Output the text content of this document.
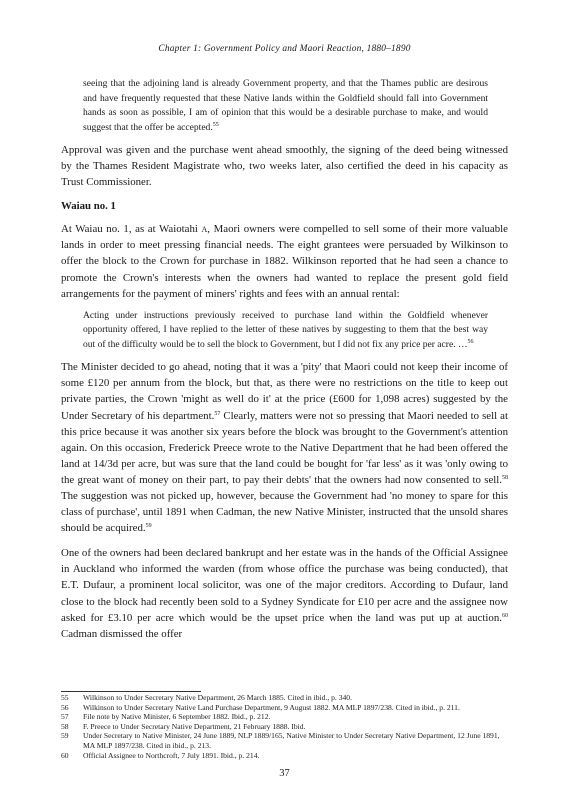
Chapter 1: Government Policy and Maori Reaction, 1880–1890

seeing that the adjoining land is already Government property, and that the Thames public are desirous and have frequently requested that these Native lands within the Goldfield should fall into Government hands as soon as possible, I am of opinion that this would be a desirable purchase to make, and would suggest that the offer be accepted.$^{55}$

Approval was given and the purchase went ahead smoothly, the signing of the deed being witnessed by the Thames Resident Magistrate who, two weeks later, also certified the deed in his capacity as Trust Commissioner.

Waiau no. 1

At Waiau no. 1, as at Waiotahi a, Maori owners were compelled to sell some of their more valuable lands in order to meet pressing financial needs. The eight grantees were persuaded by Wilkinson to offer the block to the Crown for purchase in 1882. Wilkinson reported that he had seen a chance to promote the Crown's interests when the owners had wanted to replace the present gold field arrangements for the payment of miners' rights and fees with an annual rental:

Acting under instructions previously received to purchase land within the Goldfield whenever opportunity offered, I have replied to the letter of these natives by suggesting to them that the best way out of the difficulty would be to sell the block to Government, but I did not fix any price per acre. …$^{56}$

The Minister decided to go ahead, noting that it was a 'pity' that Maori could not keep their income of some £120 per annum from the block, but that, as there were no restrictions on the title to keep out private parties, the Crown 'might as well do it' at the price (£600 for 1,098 acres) suggested by the Under Secretary of his department.$^{57}$ Clearly, matters were not so pressing that Maori needed to sell at this price because it was another six years before the block was brought to the Government's attention again. On this occasion, Frederick Preece wrote to the Native Department that he had been offered the land at 14/3d per acre, but was sure that the land could be bought for 'far less' as it was 'only owing to the great want of money on their part, to pay their debts' that the owners had now consented to sell.$^{58}$ The suggestion was not picked up, however, because the Government had 'no money to spare for this class of purchase', until 1891 when Cadman, the new Native Minister, instructed that the unsold shares should be acquired.$^{59}$

One of the owners had been declared bankrupt and her estate was in the hands of the Official Assignee in Auckland who informed the warden (from whose office the purchase was being conducted), that E.T. Dufaur, a prominent local solicitor, was one of the major creditors. According to Dufaur, land close to the block had recently been sold to a Sydney Syndicate for £10 per acre and the assignee now asked for £3.10 per acre which would be the upset price when the land was put up at auction.$^{60}$ Cadman dismissed the offer

55	Wilkinson to Under Secretary Native Department, 26 March 1885. Cited in ibid., p. 340.
56	Wilkinson to Under Secretary Native Land Purchase Department, 9 August 1882. MA MLP 1897/238. Cited in ibid., p. 211.
57	File note by Native Minister, 6 September 1882. Ibid., p. 212.
58	F. Preece to Under Secretary Native Department, 21 February 1888. Ibid.
59	Under Secretary to Native Minister, 24 June 1889, NLP 1889/165, Native Minister to Under Secretary Native Department, 12 June 1891, MA MLP 1897/238. Cited in ibid., p. 213.
60	Official Assignee to Northcroft, 7 July 1891. Ibid., p. 214.
37
